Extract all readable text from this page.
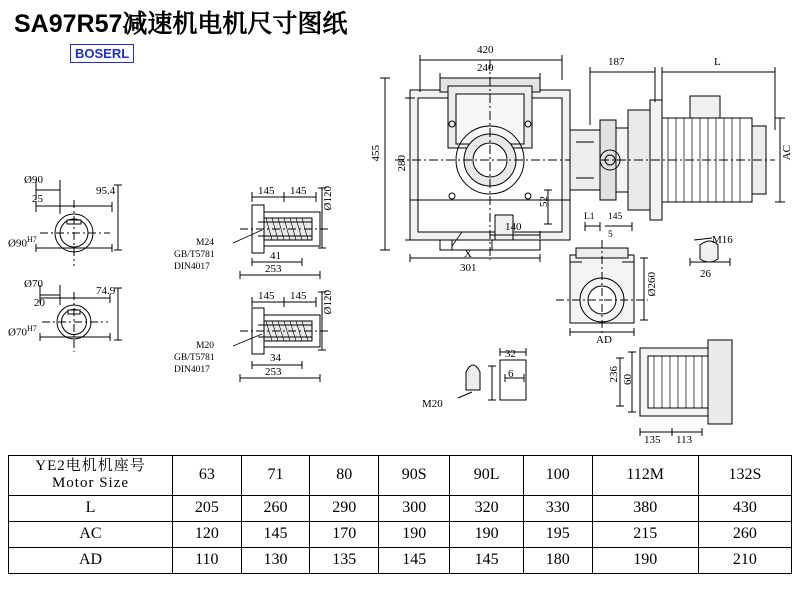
SA97R57减速机电机尺寸图纸
BOSERL
Ø90
25
95.4
$Ø90^{H7}$
Ø70
20
74.9
$Ø70^{H7}$
145 145 Ø120
M24
GB/T5781
DIN4017
41
253
145 145 Ø120
M20
GB/T5781
DIN4017
34
253
420
240	187	L
455
280
52
140
301
X
AC
L1 145
5	M16
26
Ø260
AD
236 60
135 113
32
6
M20
YE2电机机座号
Motor Size	63	71	80	90S	90L	100	112M	132S
L	205	260	290	300	320	330	380	430
AC	120	145	170	190	190	195	215	260
AD	110	130	135	145	145	180	190	210
